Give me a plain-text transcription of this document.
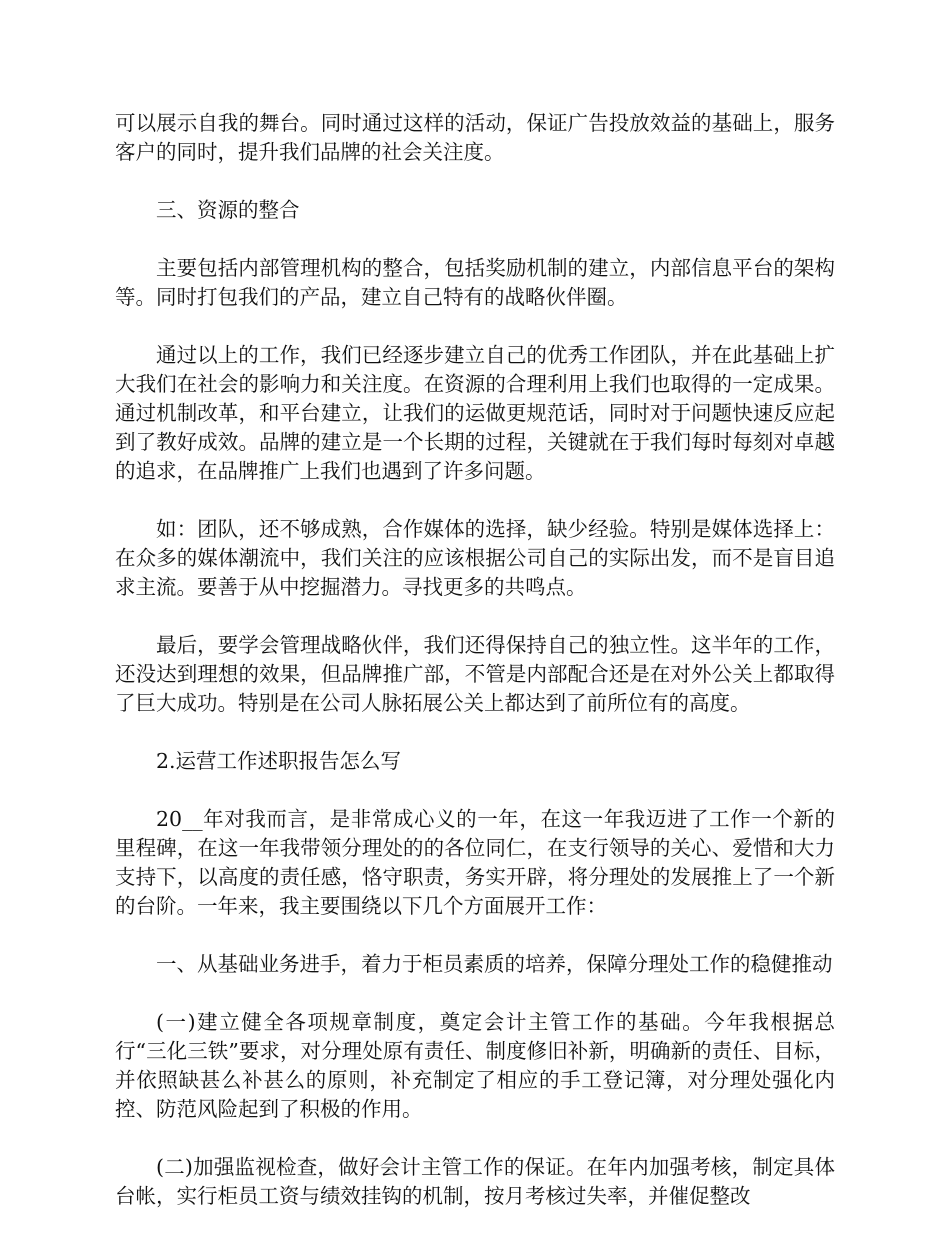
可以展示自我的舞台。同时通过这样的活动，保证广告投放效益的基础上，服务客户的同时，提升我们品牌的社会关注度。

三、资源的整合

主要包括内部管理机构的整合，包括奖励机制的建立，内部信息平台的架构等。同时打包我们的产品，建立自己特有的战略伙伴圈。

通过以上的工作，我们已经逐步建立自己的优秀工作团队，并在此基础上扩大我们在社会的影响力和关注度。在资源的合理利用上我们也取得的一定成果。通过机制改革，和平台建立，让我们的运做更规范话，同时对于问题快速反应起到了教好成效。品牌的建立是一个长期的过程，关键就在于我们每时每刻对卓越的追求，在品牌推广上我们也遇到了许多问题。

如：团队，还不够成熟，合作媒体的选择，缺少经验。特别是媒体选择上：在众多的媒体潮流中，我们关注的应该根据公司自己的实际出发，而不是盲目追求主流。要善于从中挖掘潜力。寻找更多的共鸣点。

最后，要学会管理战略伙伴，我们还得保持自己的独立性。这半年的工作，还没达到理想的效果，但品牌推广部，不管是内部配合还是在对外公关上都取得了巨大成功。特别是在公司人脉拓展公关上都达到了前所位有的高度。

2.运营工作述职报告怎么写

20__年对我而言，是非常成心义的一年，在这一年我迈进了工作一个新的里程碑，在这一年我带领分理处的的各位同仁，在支行领导的关心、爱惜和大力支持下，以高度的责任感，恪守职责，务实开辟，将分理处的发展推上了一个新的台阶。一年来，我主要围绕以下几个方面展开工作：

一、从基础业务进手，着力于柜员素质的培养，保障分理处工作的稳健推动

(一)建立健全各项规章制度，奠定会计主管工作的基础。今年我根据总行“三化三铁”要求，对分理处原有责任、制度修旧补新，明确新的责任、目标，并依照缺甚么补甚么的原则，补充制定了相应的手工登记簿，对分理处强化内控、防范风险起到了积极的作用。

(二)加强监视检查，做好会计主管工作的保证。在年内加强考核，制定具体台帐，实行柜员工资与绩效挂钩的机制，按月考核过失率，并催促整改
